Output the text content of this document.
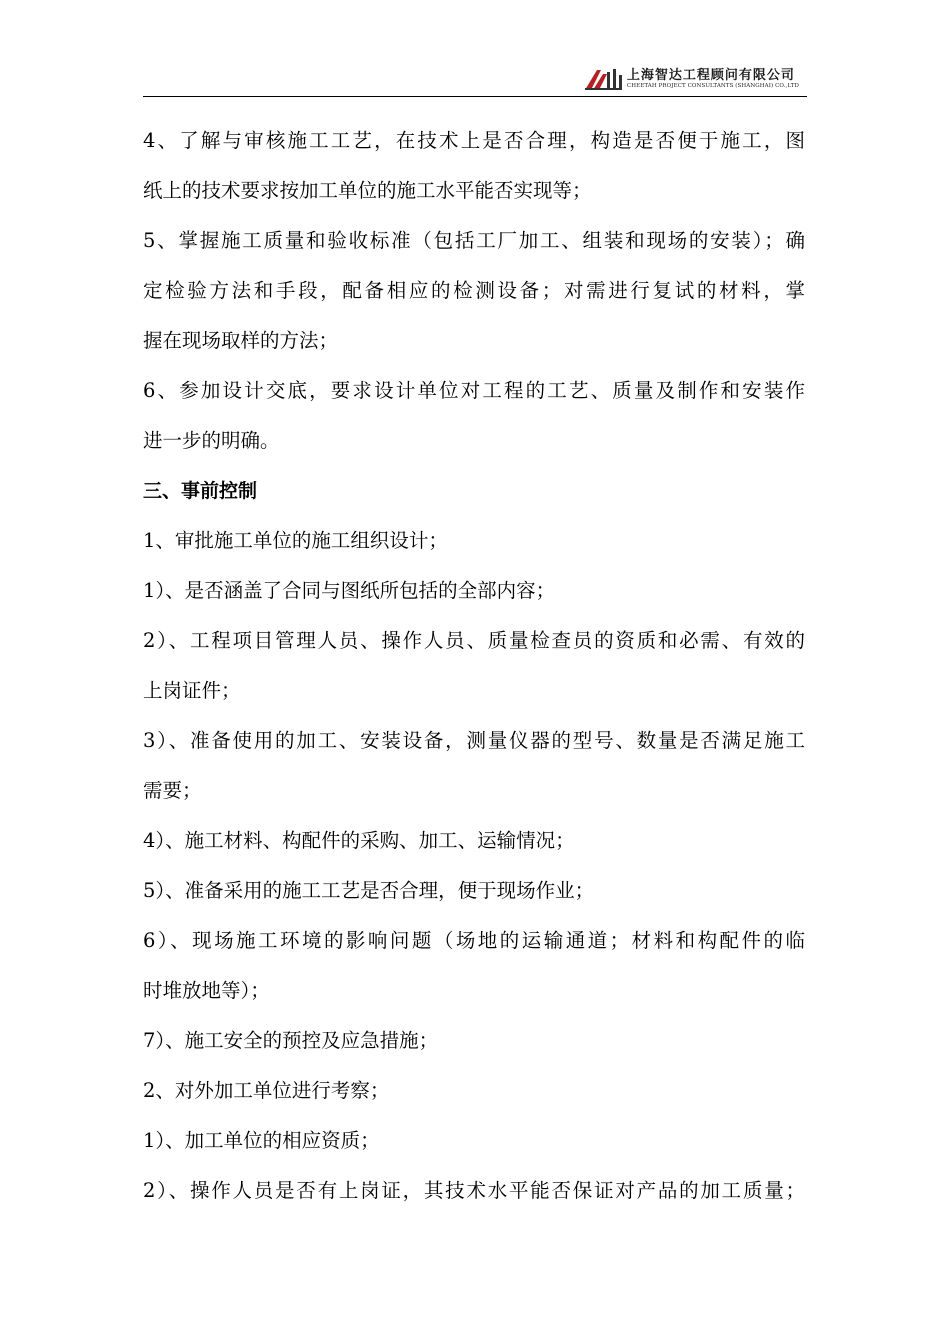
上海智达工程顾问有限公司
CHEETAH PROJECT CONSULTANTS (SHANGHAI) CO.,LTD
4、了解与审核施工工艺，在技术上是否合理，构造是否便于施工，图
纸上的技术要求按加工单位的施工水平能否实现等；
5、掌握施工质量和验收标准（包括工厂加工、组装和现场的安装）；确
定检验方法和手段，配备相应的检测设备；对需进行复试的材料，掌
握在现场取样的方法；
6、参加设计交底，要求设计单位对工程的工艺、质量及制作和安装作
进一步的明确。
三、事前控制
1、审批施工单位的施工组织设计；
1）、是否涵盖了合同与图纸所包括的全部内容；
2）、工程项目管理人员、操作人员、质量检查员的资质和必需、有效的
上岗证件；
3）、准备使用的加工、安装设备，测量仪器的型号、数量是否满足施工
需要；
4）、施工材料、构配件的采购、加工、运输情况；
5）、准备采用的施工工艺是否合理，便于现场作业；
6）、现场施工环境的影响问题（场地的运输通道；材料和构配件的临
时堆放地等）；
7）、施工安全的预控及应急措施；
2、对外加工单位进行考察；
1）、加工单位的相应资质；
2）、操作人员是否有上岗证，其技术水平能否保证对产品的加工质量；
